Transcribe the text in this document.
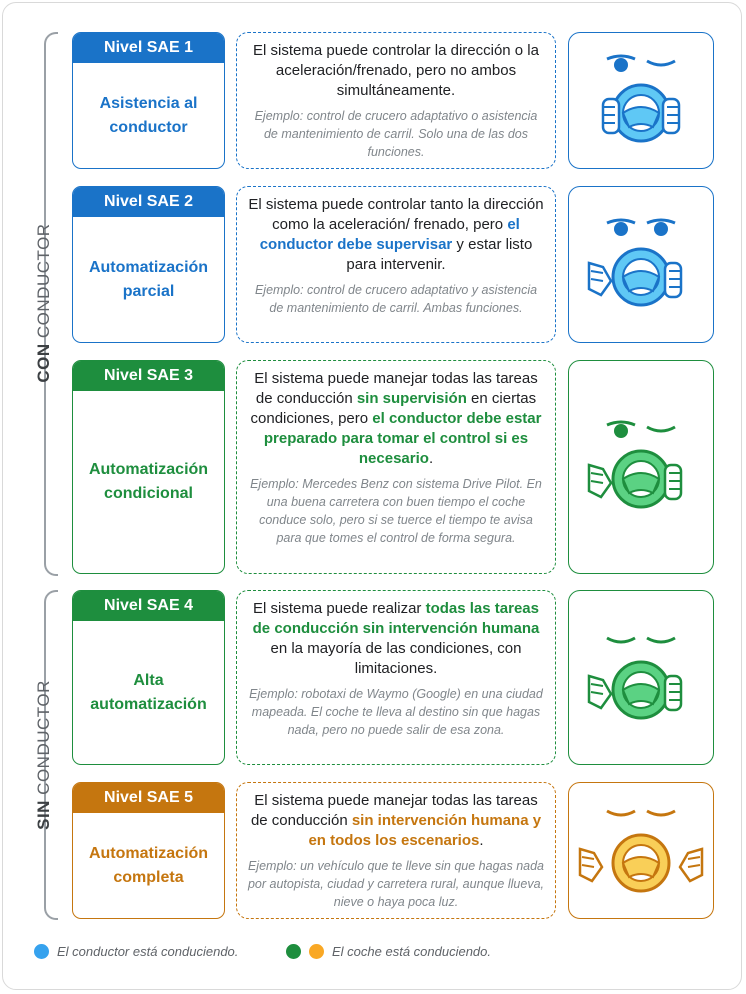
CON CONDUCTOR
SIN CONDUCTOR
Nivel SAE 1
Asistencia al conductor
El sistema puede controlar la dirección o la aceleración/frenado, pero no ambos simultáneamente.
Ejemplo: control de crucero adaptativo o asistencia de mantenimiento de carril. Solo una de las dos funciones.
Nivel SAE 2
Automatización parcial
El sistema puede controlar tanto la dirección como la aceleración/ frenado, pero el conductor debe supervisar y estar listo para intervenir.
Ejemplo: control de crucero adaptativo y asistencia de mantenimiento de carril. Ambas funciones.
Nivel SAE 3
Automatización condicional
El sistema puede manejar todas las tareas de conducción sin supervisión en ciertas condiciones, pero el conductor debe estar preparado para tomar el control si es necesario.
Ejemplo: Mercedes Benz con sistema Drive Pilot. En una buena carretera con buen tiempo el coche conduce solo, pero si se tuerce el tiempo te avisa para que tomes el control de forma segura.
Nivel SAE 4
Alta automatización
El sistema puede realizar todas las tareas de conducción sin intervención humana en la mayoría de las condiciones, con limitaciones.
Ejemplo: robotaxi de Waymo (Google) en una ciudad mapeada. El coche te lleva al destino sin que hagas nada, pero no puede salir de esa zona.
Nivel SAE 5
Automatización completa
El sistema puede manejar todas las tareas de conducción sin intervención humana y en todos los escenarios.
Ejemplo: un vehículo que te lleve sin que hagas nada por autopista, ciudad y carretera rural, aunque llueva, nieve o haya poca luz.
El conductor está conduciendo.	El coche está conduciendo.
